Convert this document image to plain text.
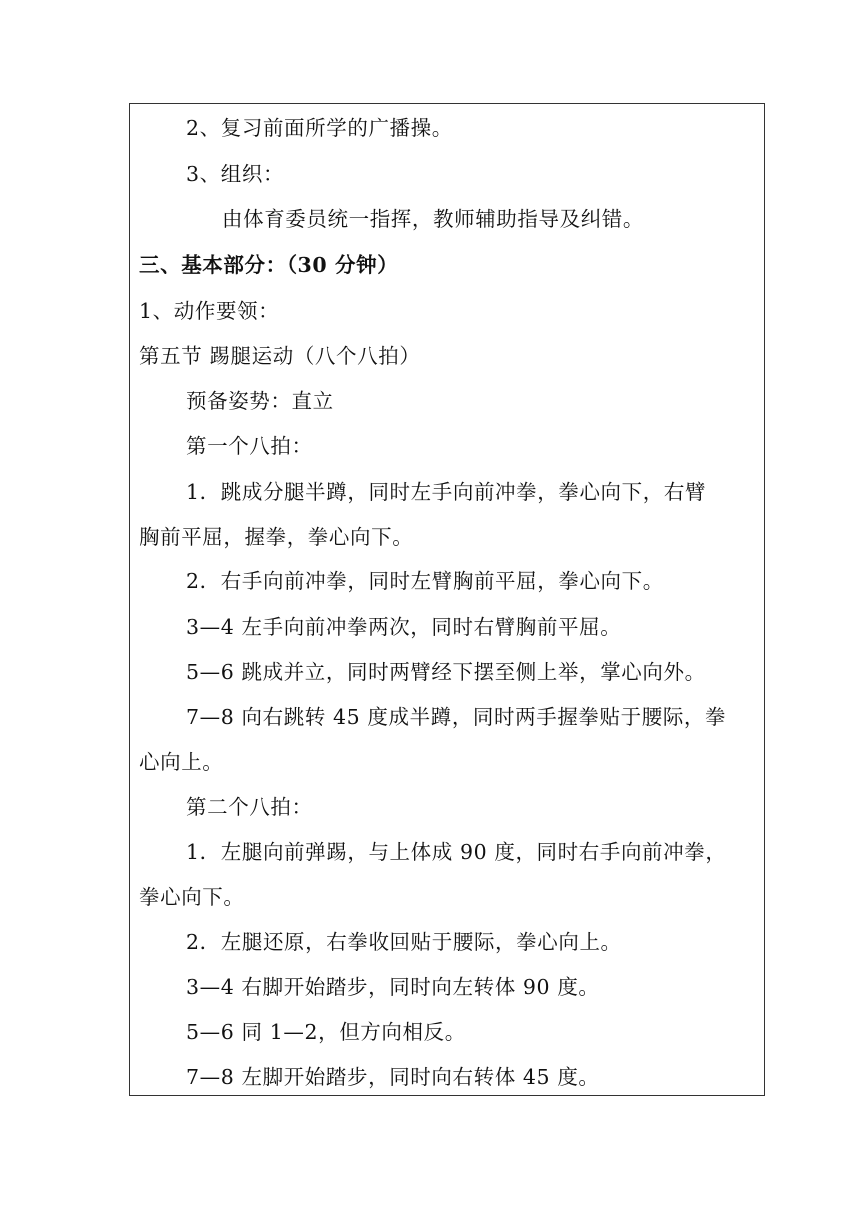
2、复习前面所学的广播操。
3、组织：
由体育委员统一指挥，教师辅助指导及纠错。
三、基本部分：（30 分钟）
1、动作要领：
第五节 踢腿运动（八个八拍）
预备姿势：直立
第一个八拍：
1．跳成分腿半蹲，同时左手向前冲拳，拳心向下，右臂
胸前平屈，握拳，拳心向下。
2．右手向前冲拳，同时左臂胸前平屈，拳心向下。
3—4 左手向前冲拳两次，同时右臂胸前平屈。
5—6 跳成并立，同时两臂经下摆至侧上举，掌心向外。
7—8 向右跳转 45 度成半蹲，同时两手握拳贴于腰际，拳
心向上。
第二个八拍：
1．左腿向前弹踢，与上体成 90 度，同时右手向前冲拳，
拳心向下。
2．左腿还原，右拳收回贴于腰际，拳心向上。
3—4 右脚开始踏步，同时向左转体 90 度。
5—6 同 1—2，但方向相反。
7—8 左脚开始踏步，同时向右转体 45 度。
